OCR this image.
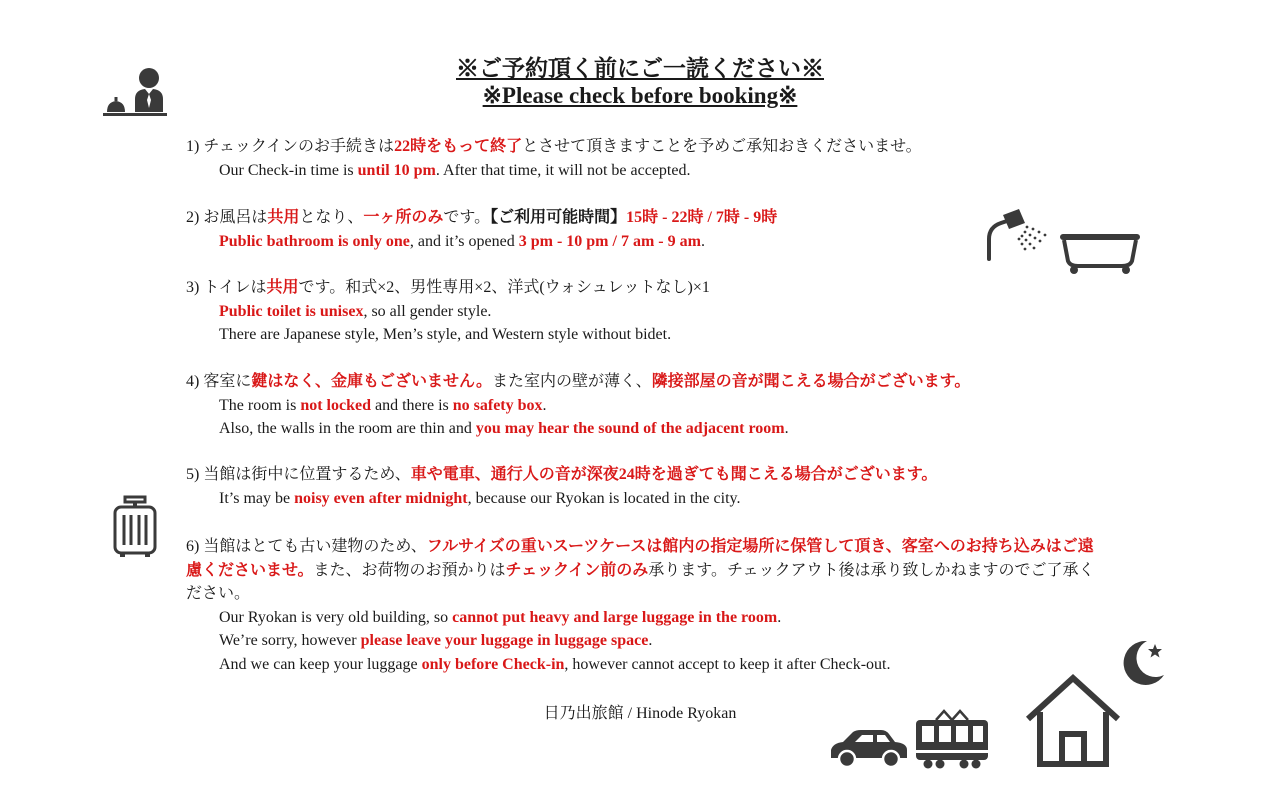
※ご予約頂く前にご一読ください※
※Please check before booking※
1) チェックインのお手続きは22時をもって終了とさせて頂きますことを予めご承知おきくださいませ。
Our Check-in time is until 10 pm. After that time, it will not be accepted.
2) お風呂は共用となり、一ヶ所のみです。【ご利用可能時間】15時 - 22時 / 7時 - 9時
Public bathroom is only one, and it’s opened 3 pm - 10 pm / 7 am - 9 am.
3) トイレは共用です。和式×2、男性専用×2、洋式(ウォシュレットなし)×1
Public toilet is unisex, so all gender style.
There are Japanese style, Men’s style, and Western style without bidet.
4) 客室に鍵はなく、金庫もございません。また室内の壁が薄く、隣接部屋の音が聞こえる場合がございます。
The room is not locked and there is no safety box.
Also, the walls in the room are thin and you may hear the sound of the adjacent room.
5) 当館は街中に位置するため、車や電車、通行人の音が深夜24時を過ぎても聞こえる場合がございます。
It’s may be noisy even after midnight, because our Ryokan is located in the city.
6) 当館はとても古い建物のため、フルサイズの重いスーツケースは館内の指定場所に保管して頂き、客室へのお持ち込みはご遠慮くださいませ。また、お荷物のお預かりはチェックイン前のみ承ります。チェックアウト後は承り致しかねますのでご了承ください。
Our Ryokan is very old building, so cannot put heavy and large luggage in the room.
We’re sorry, however please leave your luggage in luggage space.
And we can keep your luggage only before Check-in, however cannot accept to keep it after Check-out.
日乃出旅館 / Hinode Ryokan
